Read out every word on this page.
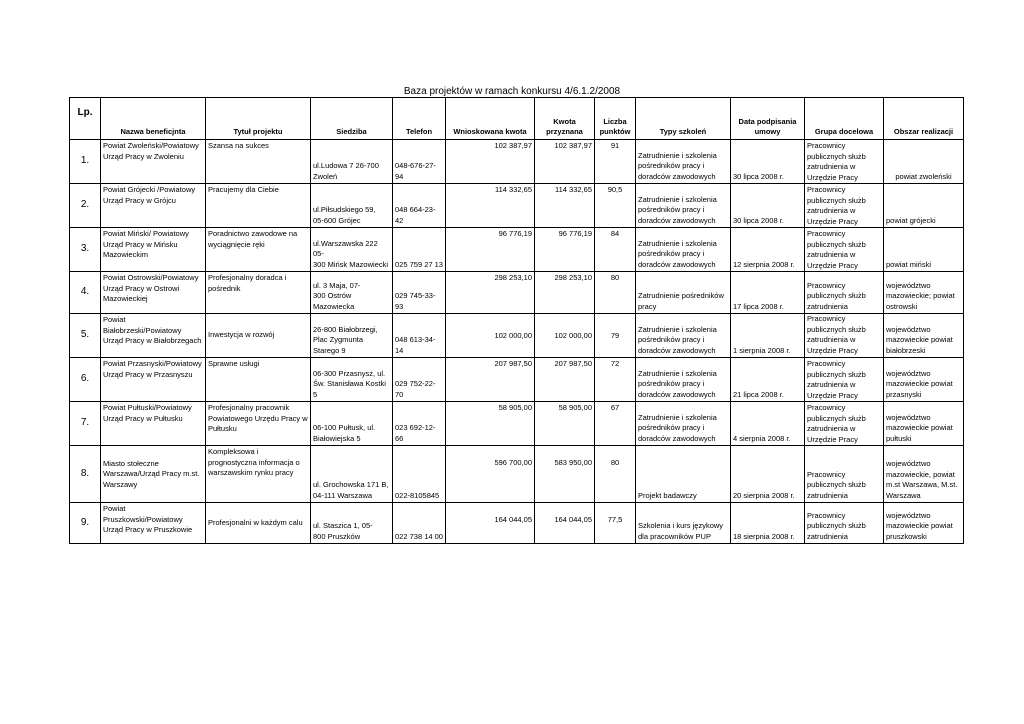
Baza projektów w ramach konkursu 4/6.1.2/2008
Lp.	Nazwa beneficjnta	Tytuł projektu	Siedziba	Telefon	Wnioskowana kwota	Kwota przyznana	Liczba punktów	Typy szkoleń	Data podpisania umowy	Grupa docelowa	Obszar realizacji
1.	Powiat Zwoleński/Powiatowy
Urząd Pracy w Zwoleniu	Szansa na sukces	ul.Ludowa 7 26-700
Zwoleń	048-676-27-94	102 387,97	102 387,97	91	Zatrudnienie i szkolenia
pośredników pracy i
doradców zawodowych	30 lipca 2008 r.	Pracownicy
publicznych służb
zatrudnienia w
Urzędzie Pracy	powiat zwoleński
2.	Powiat Grójecki /Powiatowy
Urząd Pracy w Grójcu	Pracujemy dla Ciebie	ul.Piłsudskiego 59,
05-600 Grójec	048 664-23-42	114 332,65	114 332,65	90,5	Zatrudnienie i szkolenia
pośredników pracy i
doradców zawodowych	30 lipca 2008 r.	Pracownicy
publicznych służb
zatrudnienia w
Urzędzie Pracy	powiat grójecki
3.	Powiat Miński/ Powiatowy
Urząd Pracy w Mińsku
Mazowieckim	Poradnictwo zawodowe na
wyciągnięcie ręki	ul.Warszawska 222 05-
300 Mińsk Mazowiecki	025 759 27 13	96 776,19	96 776,19	84	Zatrudnienie i szkolenia
pośredników pracy i
doradców zawodowych	12 sierpnia 2008 r.	Pracownicy
publicznych służb
zatrudnienia w
Urzędzie Pracy	powiat miński
4.	Powiat Ostrowski/Powiatowy
Urząd Pracy w Ostrowi
Mazowieckiej	Profesjonalny doradca i
pośrednik	ul. 3 Maja, 07-
300 Ostrów
Mazowiecka	029 745-33-93	298 253,10	298 253,10	80	Zatrudnienie pośredników
pracy	17 lipca 2008 r.	Pracownicy
publicznych służb
zatrudnienia	województwo
mazowieckie; powiat
ostrowski
5.	Powiat
Białobrzeski/Powiatowy
Urząd Pracy w Białobrzegach	Inwestycja w rozwój	26-800 Białobrzegi,
Plac Zygmunta
Starego 9	048 613-34-14	102 000,00	102 000,00	79	Zatrudnienie i szkolenia
pośredników pracy i
doradców zawodowych	1 sierpnia 2008 r.	Pracownicy
publicznych służb
zatrudnienia w
Urzędzie Pracy	województwo
mazowieckie powiat
białobrzeski
6.	Powiat Przasnyski/Powiatowy
Urząd Pracy w Przasnyszu	Sprawne usługi	06-300 Przasnysz, ul.
Św. Stanisława Kostki
5	029 752-22-70	207 987,50	207 987,50	72	Zatrudnienie i szkolenia
pośredników pracy i
doradców zawodowych	21 lipca 2008 r.	Pracownicy
publicznych służb
zatrudnienia w
Urzędzie Pracy	województwo
mazowieckie powiat
przasnyski
7.	Powiat Pułtuski/Powiatowy
Urząd Pracy w Pułtusku	Profesjonalny pracownik
Powiatowego Urzędu Pracy w
Pułtusku	06-100 Pułtusk, ul.
Białowiejska 5	023 692-12-66	58 905,00	58 905,00	67	Zatrudnienie i szkolenia
pośredników pracy i
doradców zawodowych	4 sierpnia 2008 r.	Pracownicy
publicznych służb
zatrudnienia w
Urzędzie Pracy	województwo
mazowieckie powiat
pułtuski
8.	Miasto stołeczne
Warszawa/Urząd Pracy m.st.
Warszawy	Kompleksowa i
prognostyczna informacja o
warszawskim rynku pracy	ul. Grochowska 171 B,
04-111 Warszawa	022-8105845	596 700,00	583 950,00	80	Projekt badawczy	20 sierpnia 2008 r.	Pracownicy
publicznych służb
zatrudnienia	województwo
mazowieckie, powiat
m.st Warszawa, M.st.
Warszawa
9.	Powiat
Pruszkowski/Powiatowy
Urząd Pracy w Pruszkowie	Profesjonalni w każdym calu	ul. Staszica 1, 05-
800 Pruszków	022 738 14 00	164 044,05	164 044,05	77,5	Szkolenia i kurs językowy
dla pracowników PUP	18 sierpnia 2008 r.	Pracownicy
publicznych służb
zatrudnienia	województwo
mazowieckie powiat
pruszkowski
